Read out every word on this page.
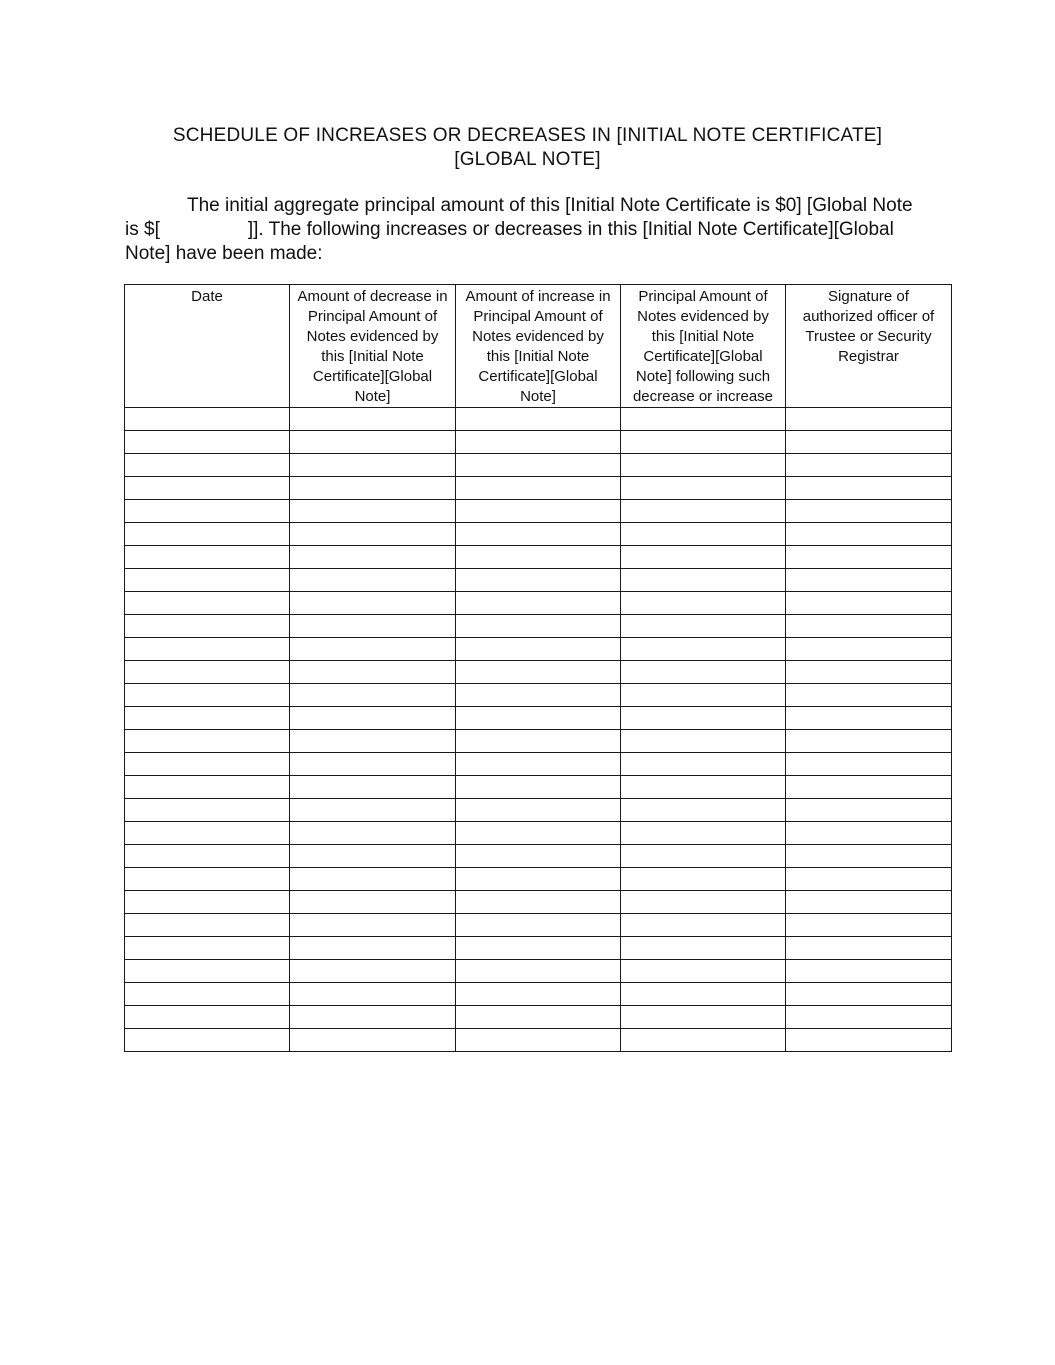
SCHEDULE OF INCREASES OR DECREASES IN [INITIAL NOTE CERTIFICATE]
[GLOBAL NOTE]
The initial aggregate principal amount of this [Initial Note Certificate is $0] [Global Note
is $[	]]. The following increases or decreases in this [Initial Note Certificate][Global
Note] have been made:
Date	Amount of decrease in Principal Amount of Notes evidenced by this [Initial Note Certificate][Global Note]	Amount of increase in Principal Amount of Notes evidenced by this [Initial Note Certificate][Global Note]	Principal Amount of Notes evidenced by this [Initial Note Certificate][Global Note] following such decrease or increase	Signature of authorized officer of Trustee or Security Registrar
